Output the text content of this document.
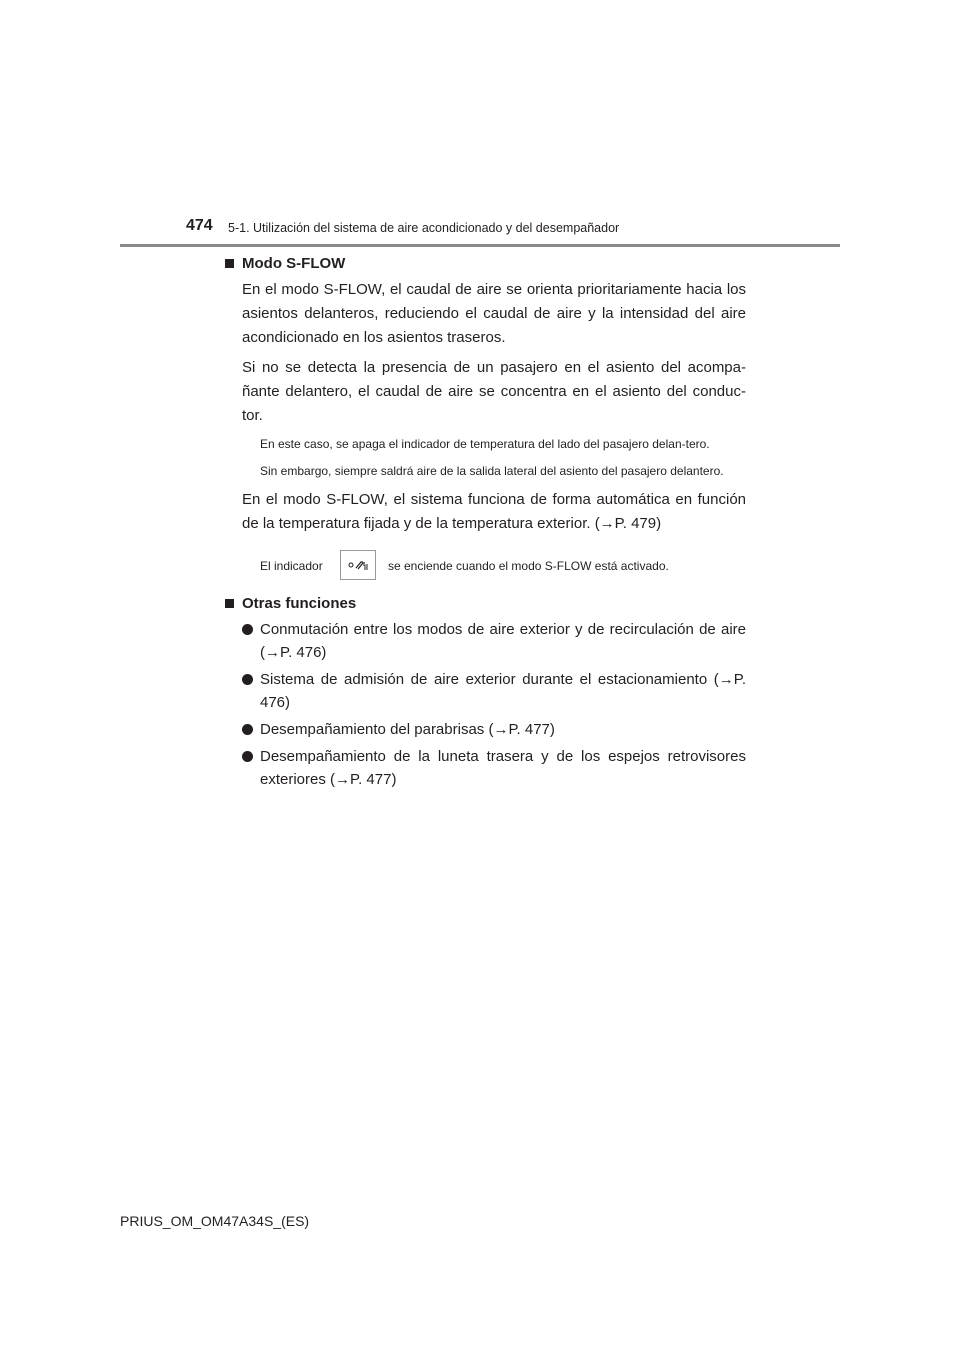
474 5-1. Utilización del sistema de aire acondicionado y del desempañador
Modo S-FLOW

En el modo S-FLOW, el caudal de aire se orienta prioritariamente hacia los asientos delanteros, reduciendo el caudal de aire y la intensidad del aire acondicionado en los asientos traseros.

Si no se detecta la presencia de un pasajero en el asiento del acompa-ñante delantero, el caudal de aire se concentra en el asiento del conduc-tor.

En este caso, se apaga el indicador de temperatura del lado del pasajero delan-tero.

Sin embargo, siempre saldrá aire de la salida lateral del asiento del pasajero delantero.

En el modo S-FLOW, el sistema funciona de forma automática en función de la temperatura fijada y de la temperatura exterior. (→P. 479)

El indicador	se enciende cuando el modo S-FLOW está activado.
Otras funciones
Conmutación entre los modos de aire exterior y de recirculación de aire (→P. 476)
Sistema de admisión de aire exterior durante el estacionamiento (→P. 476)
Desempañamiento del parabrisas (→P. 477)
Desempañamiento de la luneta trasera y de los espejos retrovisores exteriores (→P. 477)
PRIUS_OM_OM47A34S_(ES)
